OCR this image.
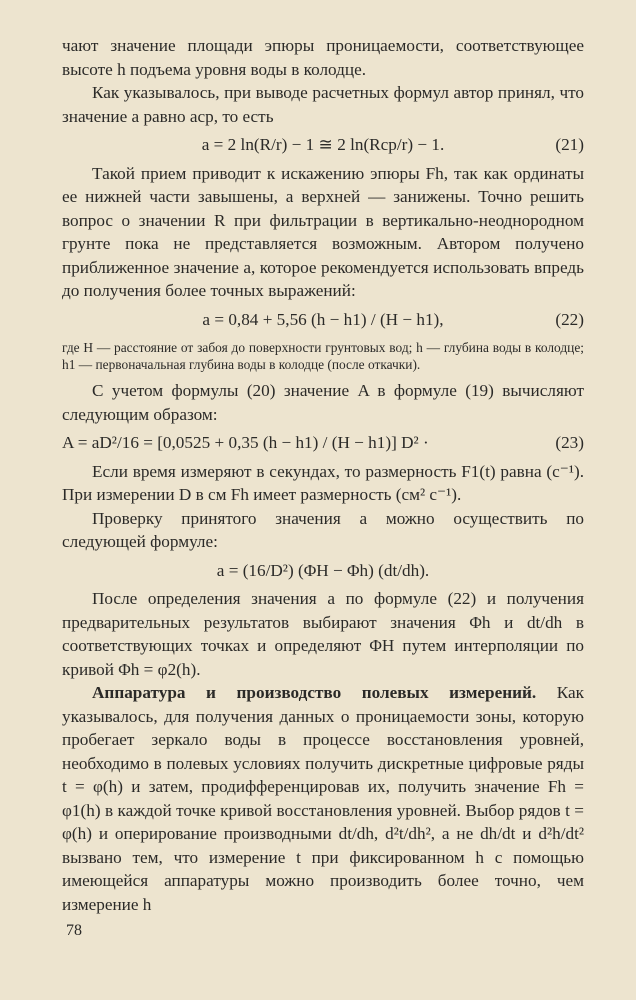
чают значение площади эпюры проницаемости, соответствующее высоте h подъема уровня воды в колодце.

Как указывалось, при выводе расчетных формул автор принял, что значение a равно aср, то есть

a = 2 ln(R/r) − 1 ≅ 2 ln(Rср/r) − 1.	(21)

Такой прием приводит к искажению эпюры Fh, так как ординаты ее нижней части завышены, а верхней — занижены. Точно решить вопрос о значении R при фильтрации в вертикально-неоднородном грунте пока не представляется возможным. Автором получено приближенное значение a, которое рекомендуется использовать впредь до получения более точных выражений:

a = 0,84 + 5,56 (h − h1) / (H − h1),	(22)

где H — расстояние от забоя до поверхности грунтовых вод; h — глубина воды в колодце; h1 — первоначальная глубина воды в колодце (после откачки).

С учетом формулы (20) значение A в формуле (19) вычисляют следующим образом:

A = aD²/16 = [0,0525 + 0,35 (h − h1) / (H − h1)] D² ·	(23)

Если время измеряют в секундах, то размерность F1(t) равна (c⁻¹). При измерении D в см Fh имеет размерность (см² с⁻¹).

Проверку принятого значения a можно осуществить по следующей формуле:

a = (16/D²) (ΦH − Φh) (dt/dh).

После определения значения a по формуле (22) и получения предварительных результатов выбирают значения Φh и dt/dh в соответствующих точках и определяют ΦH путем интерполяции по кривой Φh = φ2(h).

Аппаратура и производство полевых измерений. Как указывалось, для получения данных о проницаемости зоны, которую пробегает зеркало воды в процессе восстановления уровней, необходимо в полевых условиях получить дискретные цифровые ряды t = φ(h) и затем, продифференцировав их, получить значение Fh = φ1(h) в каждой точке кривой восстановления уровней. Выбор рядов t = φ(h) и оперирование производными dt/dh, d²t/dh², а не dh/dt и d²h/dt² вызвано тем, что измерение t при фиксированном h с помощью имеющейся аппаратуры можно производить более точно, чем измерение h

78
